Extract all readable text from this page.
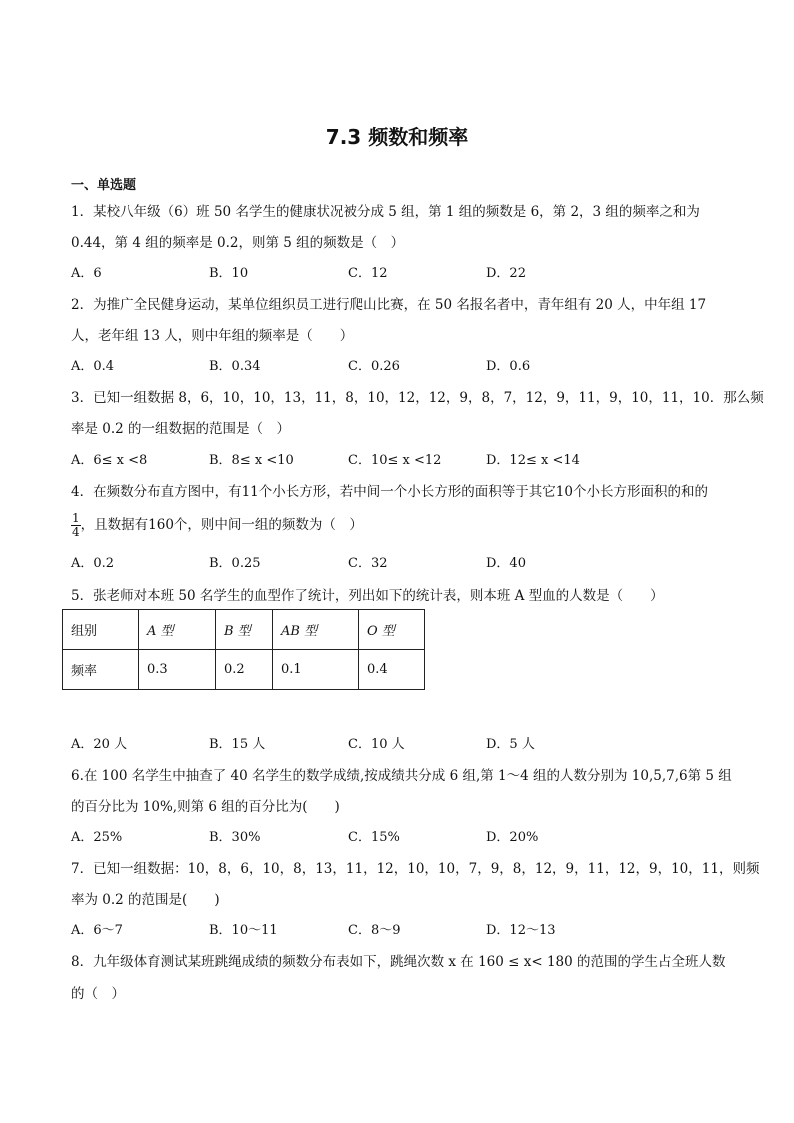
7.3 频数和频率
一、单选题
1．某校八年级（6）班 50 名学生的健康状况被分成 5 组，第 1 组的频数是 6，第 2，3 组的频率之和为
0.44，第 4 组的频率是 0.2，则第 5 组的频数是（　）
A．6	B．10	C．12	D．22
2．为推广全民健身运动，某单位组织员工进行爬山比赛，在 50 名报名者中，青年组有 20 人，中年组 17
人，老年组 13 人，则中年组的频率是（　　）
A．0.4	B．0.34	C．0.26	D．0.6
3．已知一组数据 8，6，10，10，13，11，8，10，12，12，9，8，7，12，9，11，9，10，11，10．那么频
率是 0.2 的一组数据的范围是（　）
A．6≤ x <8	B．8≤ x <10	C．10≤ x <12	D．12≤ x <14
4．在频数分布直方图中，有11个小长方形，若中间一个小长方形的面积等于其它10个小长方形面积的和的
$\frac{1}{4}$ ，且数据有160个，则中间一组的频数为（　）
A．0.2	B．0.25	C．32	D．40
5．张老师对本班 50 名学生的血型作了统计，列出如下的统计表，则本班 A 型血的人数是（　　）
组别	A 型	B 型	AB 型	O 型
频率	0.3	0.2	0.1	0.4
A．20 人	B．15 人	C．10 人	D．5 人
6.在 100 名学生中抽查了 40 名学生的数学成绩,按成绩共分成 6 组,第 1～4 组的人数分别为 10,5,7,6第 5 组
的百分比为 10%,则第 6 组的百分比为(　　)
A．25%	B．30%	C．15%	D．20%
7．已知一组数据：10，8，6，10，8，13，11，12，10，10，7，9，8，12，9，11，12，9，10，11，则频
率为 0.2 的范围是(　　)
A．6～7	B．10～11	C．8～9	D．12～13
8．九年级体育测试某班跳绳成绩的频数分布表如下，跳绳次数 x 在 160 ≤ x< 180 的范围的学生占全班人数
的（　）
